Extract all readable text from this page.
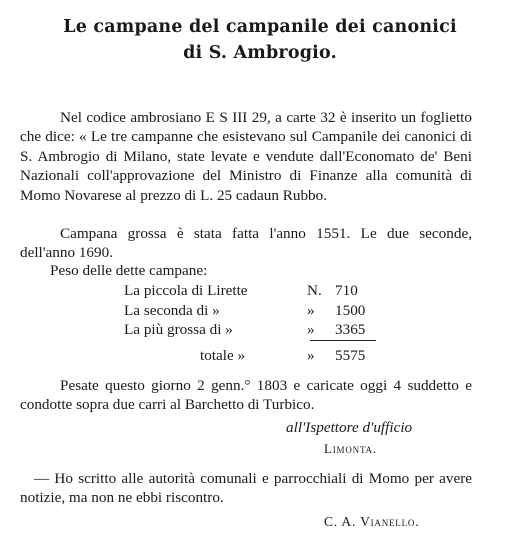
Le campane del campanile dei canonici
di S. Ambrogio.
Nel codice ambrosiano E S III 29, a carte 32 è inserito un foglietto che dice: « Le tre campanne che esistevano sul Campanile dei canonici di S. Ambrogio di Milano, state levate e vendute dall'Economato de' Beni Nazionali coll'approvazione del Ministro di Finanze alla comunità di Momo Novarese al prezzo di L. 25 cadaun Rubbo.
Campana grossa è stata fatta l'anno 1551. Le due seconde, dell'anno 1690.
Peso delle dette campane:
La piccola di Lirette	N. 710
La seconda di »	» 1500
La più grossa di »	» 3365
totale »	» 5575
Pesate questo giorno 2 genn.° 1803 e caricate oggi 4 suddetto e condotte sopra due carri al Barchetto di Turbico.
all'Ispettore d'ufficio
Limonta.
— Ho scritto alle autorità comunali e parrocchiali di Momo per avere notizie, ma non ne ebbi riscontro.
C. A. Vianello.
